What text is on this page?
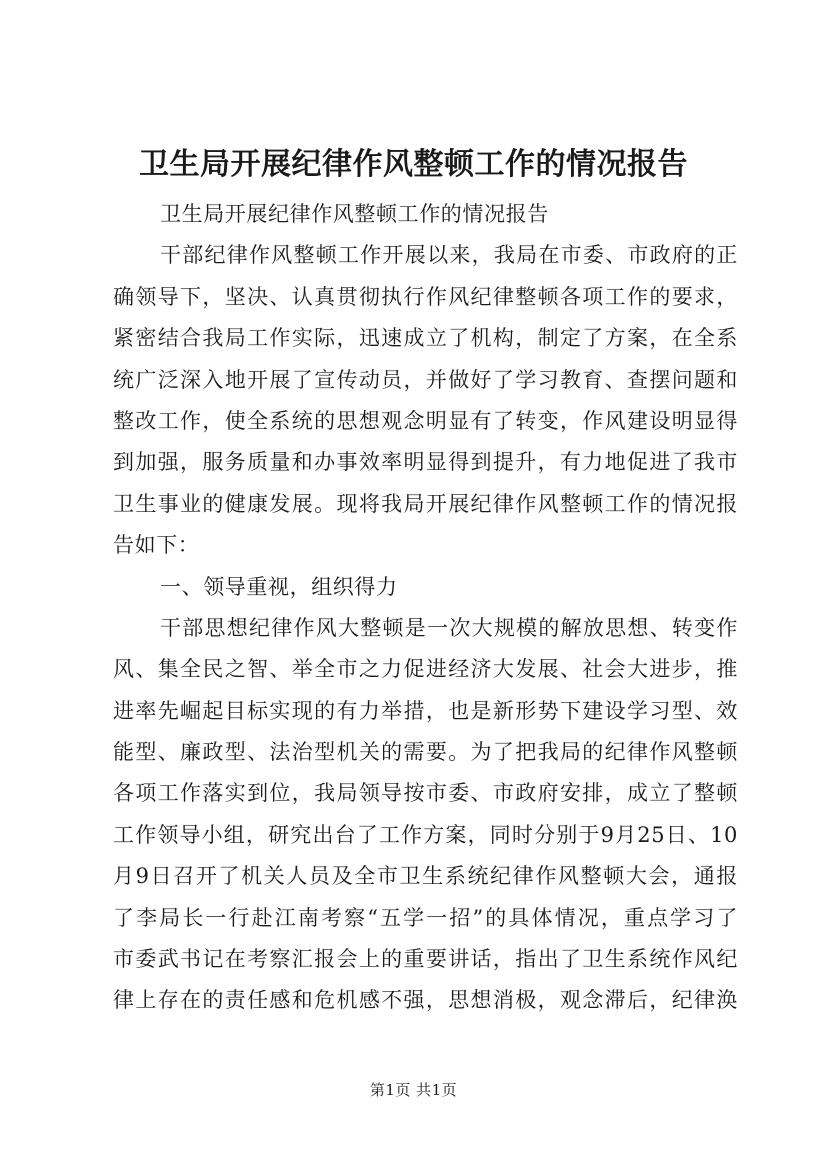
卫生局开展纪律作风整顿工作的情况报告
卫生局开展纪律作风整顿工作的情况报告
干部纪律作风整顿工作开展以来，我局在市委、市政府的正
确领导下，坚决、认真贯彻执行作风纪律整顿各项工作的要求，
紧密结合我局工作实际，迅速成立了机构，制定了方案，在全系
统广泛深入地开展了宣传动员，并做好了学习教育、查摆问题和
整改工作，使全系统的思想观念明显有了转变，作风建设明显得
到加强，服务质量和办事效率明显得到提升，有力地促进了我市
卫生事业的健康发展。现将我局开展纪律作风整顿工作的情况报
告如下：
一、领导重视，组织得力
干部思想纪律作风大整顿是一次大规模的解放思想、转变作
风、集全民之智、举全市之力促进经济大发展、社会大进步，推
进率先崛起目标实现的有力举措，也是新形势下建设学习型、效
能型、廉政型、法治型机关的需要。为了把我局的纪律作风整顿
各项工作落实到位，我局领导按市委、市政府安排，成立了整顿
工作领导小组，研究出台了工作方案，同时分别于9月25日、10
月9日召开了机关人员及全市卫生系统纪律作风整顿大会，通报
了李局长一行赴江南考察“五学一招”的具体情况，重点学习了
市委武书记在考察汇报会上的重要讲话，指出了卫生系统作风纪
律上存在的责任感和危机感不强，思想消极，观念滞后，纪律涣
第1页 共1页
